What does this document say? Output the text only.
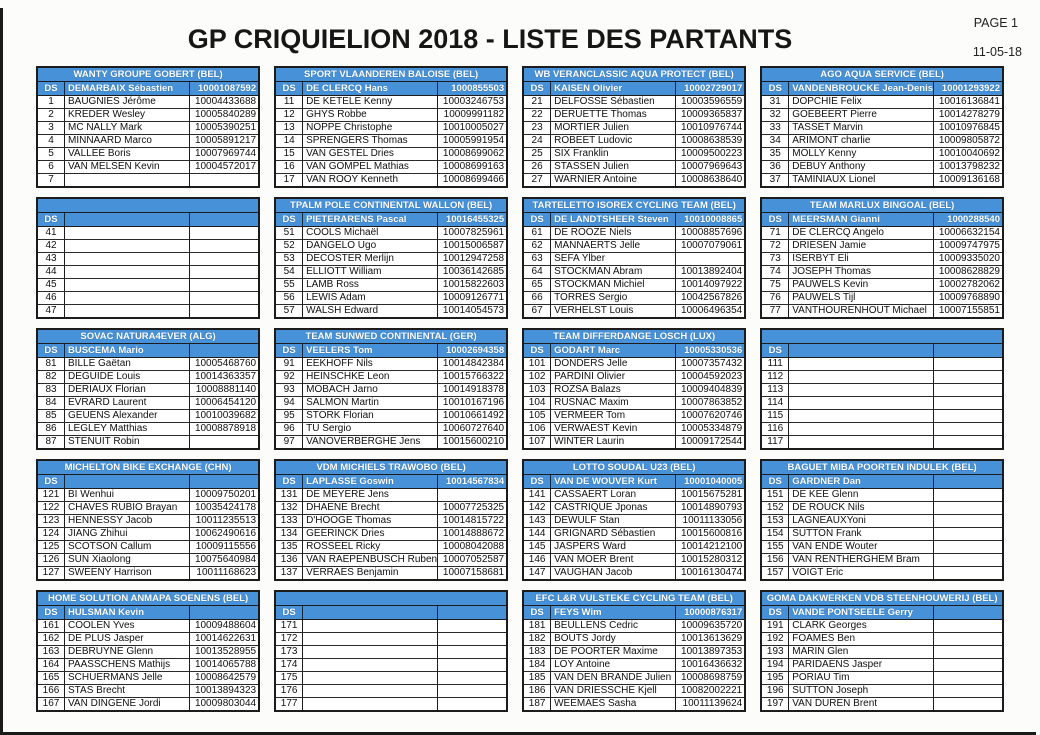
GP CRIQUIELION 2018 - LISTE DES PARTANTS
PAGE 1
11-05-18
WANTY GROUPE GOBERT (BEL)
DS	DEMARBAIX Sébastien	10001087592
1	BAUGNIES Jérôme	10004433688
2	KREDER Wesley	10005840289
3	MC NALLY Mark	10005390251
4	MINNAARD Marco	10005891217
5	VALLEE Boris	10007969744
6	VAN MELSEN Kevin	10004572017
7
SPORT VLAANDEREN BALOISE (BEL)
DS	DE CLERCQ Hans	1000855503
11	DE KETELE Kenny	10003246753
12	GHYS Robbe	10009991182
13	NOPPE Christophe	10010005027
14	SPRENGERS Thomas	10005991954
15	VAN GESTEL Dries	10008699062
16	VAN GOMPEL Mathias	10008699163
17	VAN ROOY Kenneth	10008699466
WB VERANCLASSIC AQUA PROTECT (BEL)
DS	KAISEN Olivier	10002729017
21	DELFOSSE Sébastien	10003596559
22	DERUETTE Thomas	10009365837
23	MORTIER Julien	10010976744
24	ROBEET Ludovic	10008638539
25	SIX Franklin	10009500223
26	STASSEN Julien	10007969643
27	WARNIER Antoine	10008638640
AGO AQUA SERVICE (BEL)
DS	VANDENBROUCKE Jean-Denis 10001293922
31	DOPCHIE Felix	10016136841
32	GOEBEERT Pierre	10014278279
33	TASSET Marvin	10010976845
34	ARIMONT charlie	10009805872
35	MOLLY Kenny	10010040692
36	DEBUY Anthony	10013798232
37	TAMINIAUX Lionel	10009136168
DS
41
42
43
44
45
46
47
TPALM POLE CONTINENTAL WALLON (BEL)
DS	PIETERARENS Pascal	10016455325
51	COOLS Michaël	10007825961
52	DANGELO Ugo	10015006587
53	DECOSTER Merlijn	10012947258
54	ELLIOTT William	10036142685
55	LAMB Ross	10015822603
56	LEWIS Adam	10009126771
57	WALSH Edward	10014054573
TARTELETTO ISOREX CYCLING TEAM (BEL)
DS	DE LANDTSHEER Steven	10010008865
61	DE ROOZE Niels	10008857696
62	MANNAERTS Jelle	10007079061
63	SEFA Ylber
64	STOCKMAN Abram	10013892404
65	STOCKMAN Michiel	10014097922
66	TORRES Sergio	10042567826
67	VERHELST Louis	10006496354
TEAM MARLUX BINGOAL (BEL)
DS	MEERSMAN Gianni	1000288540
71	DE CLERCQ Angelo	10006632154
72	DRIESEN Jamie	10009747975
73	ISERBYT Eli	10009335020
74	JOSEPH Thomas	10008628829
75	PAUWELS Kevin	10002782062
76	PAUWELS Tijl	10009768890
77	VANTHOURENHOUT Michael	10007155851
SOVAC NATURA4EVER (ALG)
DS	BUSCEMA Mario
81	BILLE Gaëtan	10005468760
82	DEGUIDE Louis	10014363357
83	DERIAUX Florian	10008881140
84	EVRARD Laurent	10006454120
85	GEUENS Alexander	10010039682
86	LEGLEY Matthias	10008878918
87	STENUIT Robin
TEAM SUNWED CONTINENTAL (GER)
DS	VEELERS Tom	10002694358
91	EEKHOFF Nils	10014842384
92	HEINSCHKE Leon	10015766322
93	MOBACH Jarno	10014918378
94	SALMON Martin	10010167196
95	STORK Florian	10010661492
96	TU Sergio	10060727640
97	VANOVERBERGHE Jens	10015600210
TEAM DIFFERDANGE LOSCH (LUX)
DS	GODART Marc	10005330536
101 DONDERS Jelle	10007357432
102 PARDINI Olivier	10004592023
103 ROZSA Balazs	10009404839
104 RUSNAC Maxim	10007863852
105 VERMEER Tom	10007620746
106 VERWAEST Kevin	10005334879
107 WINTER Laurin	10009172544
DS
111
112
113
114
115
116
117
MICHELTON BIKE EXCHANGE (CHN)
DS
121 BI Wenhui	10009750201
122 CHAVES RUBIO Brayan	10035424178
123 HENNESSY Jacob	10011235513
124 JIANG Zhihui	10062490616
125 SCOTSON Callum	10009115556
126 SUN Xiaolong	10075640984
127 SWEENY Harrison	10011168623
VDM MICHIELS TRAWOBO (BEL)
DS	LAPLASSE Goswin	10014567834
131 DE MEYERE Jens
132 DHAENE Brecht	10007725325
133 D'HOOGE Thomas	10014815722
134 GEERINCK Dries	10014888672
135 ROSSEEL Ricky	10008042088
136 VAN RAEPENBUSCH Ruben 10007052587
137 VERRAES Benjamin	10007158681
LOTTO SOUDAL U23 (BEL)
DS	VAN DE WOUVER Kurt	10001040005
141 CASSAERT Loran	10015675281
142 CASTRIQUE Jponas	10014890793
143 DEWULF Stan	10011133056
144 GRIGNARD Sébastien	10015600816
145 JASPERS Ward	10014212100
146 VAN MOER Brent	10015280312
147 VAUGHAN Jacob	10016130474
BAGUET MIBA POORTEN INDULEK (BEL)
DS	GARDNER Dan
151 DE KEE Glenn
152 DE ROUCK Nils
153 LAGNEAUXYoni
154 SUTTON Frank
155 VAN ENDE Wouter
156 VAN RENTHERGHEM Bram
157 VOIGT Eric
HOME SOLUTION ANMAPA SOENENS (BEL)
DS	HULSMAN Kevin
161 COOLEN Yves	10009488604
162 DE PLUS Jasper	10014622631
163 DEBRUYNE Glenn	10013528955
164 PAASSCHENS Mathijs	10014065788
165 SCHUERMANS Jelle	10008642579
166 STAS Brecht	10013894323
167 VAN DINGENE Jordi	10009803044
DS
171
172
173
174
175
176
177
EFC L&R VULSTEKE CYCLING TEAM (BEL)
DS	FEYS Wim	10000876317
181 BEULLENS Cedric	10009635720
182 BOUTS Jordy	10013613629
183 DE POORTER Maxime	10013897353
184 LOY Antoine	10016436632
185 VAN DEN BRANDE Julien 10008698759
186 VAN DRIESSCHE Kjell	10082002221
187 WEEMAES Sasha	10011139624
GOMA DAKWERKEN VDB STEENHOUWERIJ (BEL)
DS	VANDE PONTSEELE Gerry
191 CLARK Georges
192 FOAMES Ben
193 MARIN Glen
194 PARIDAENS Jasper
195 PORIAU Tim
196 SUTTON Joseph
197 VAN DUREN Brent
